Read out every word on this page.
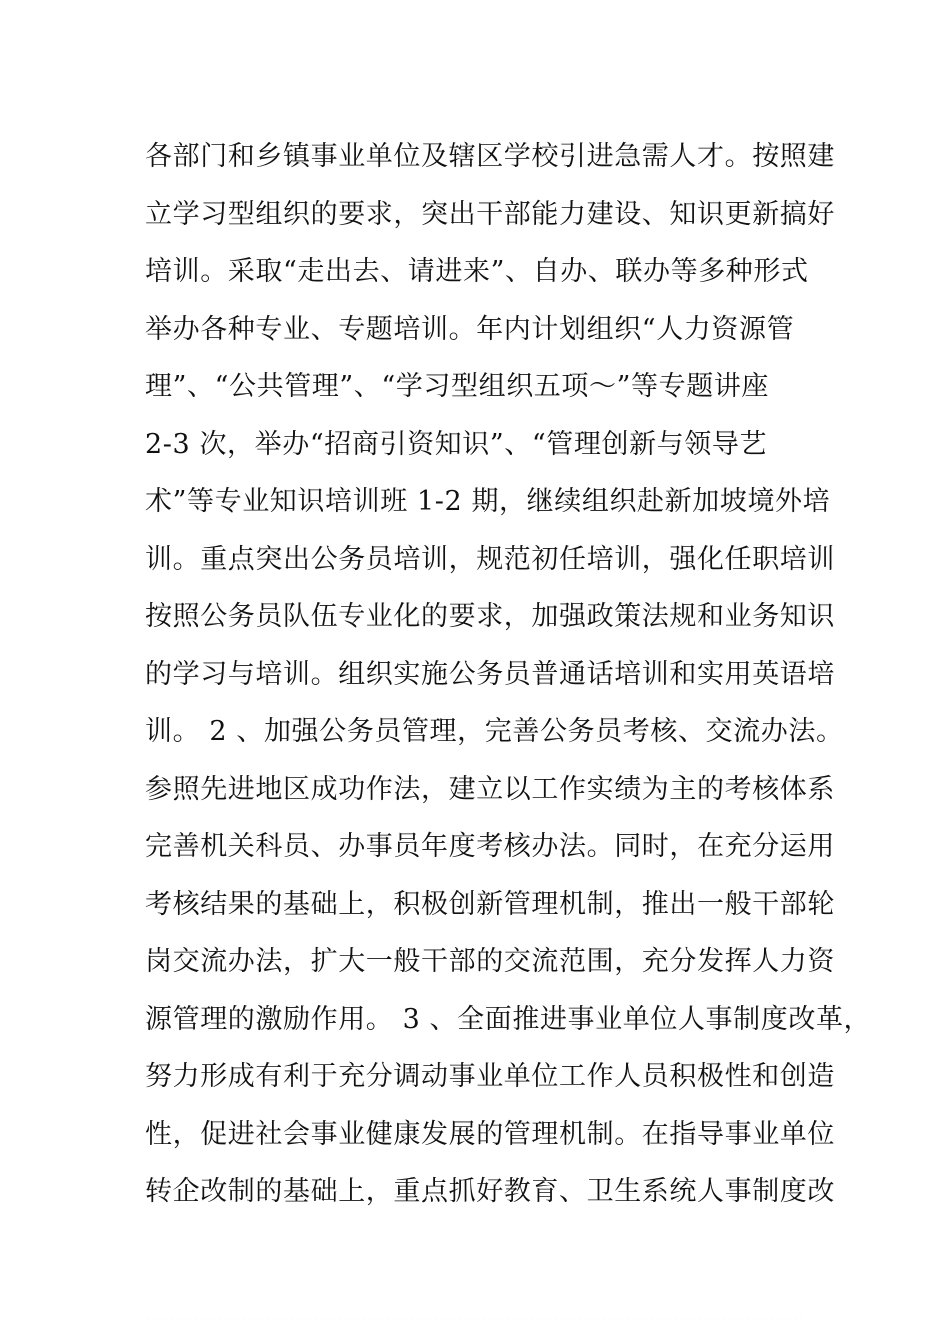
各部门和乡镇事业单位及辖区学校引进急需人才。按照建
立学习型组织的要求，突出干部能力建设、知识更新搞好
培训。采取“走出去、请进来”、自办、联办等多种形式
举办各种专业、专题培训。年内计划组织“人力资源管
理”、“公共管理”、“学习型组织五项～”等专题讲座
2-3 次，举办“招商引资知识”、“管理创新与领导艺
术”等专业知识培训班 1-2 期，继续组织赴新加坡境外培
训。重点突出公务员培训，规范初任培训，强化任职培训
按照公务员队伍专业化的要求，加强政策法规和业务知识
的学习与培训。组织实施公务员普通话培训和实用英语培
训。 2 、加强公务员管理，完善公务员考核、交流办法。
参照先进地区成功作法，建立以工作实绩为主的考核体系
完善机关科员、办事员年度考核办法。同时，在充分运用
考核结果的基础上，积极创新管理机制，推出一般干部轮
岗交流办法，扩大一般干部的交流范围，充分发挥人力资
源管理的激励作用。 3 、全面推进事业单位人事制度改革，
努力形成有利于充分调动事业单位工作人员积极性和创造
性，促进社会事业健康发展的管理机制。在指导事业单位
转企改制的基础上，重点抓好教育、卫生系统人事制度改
